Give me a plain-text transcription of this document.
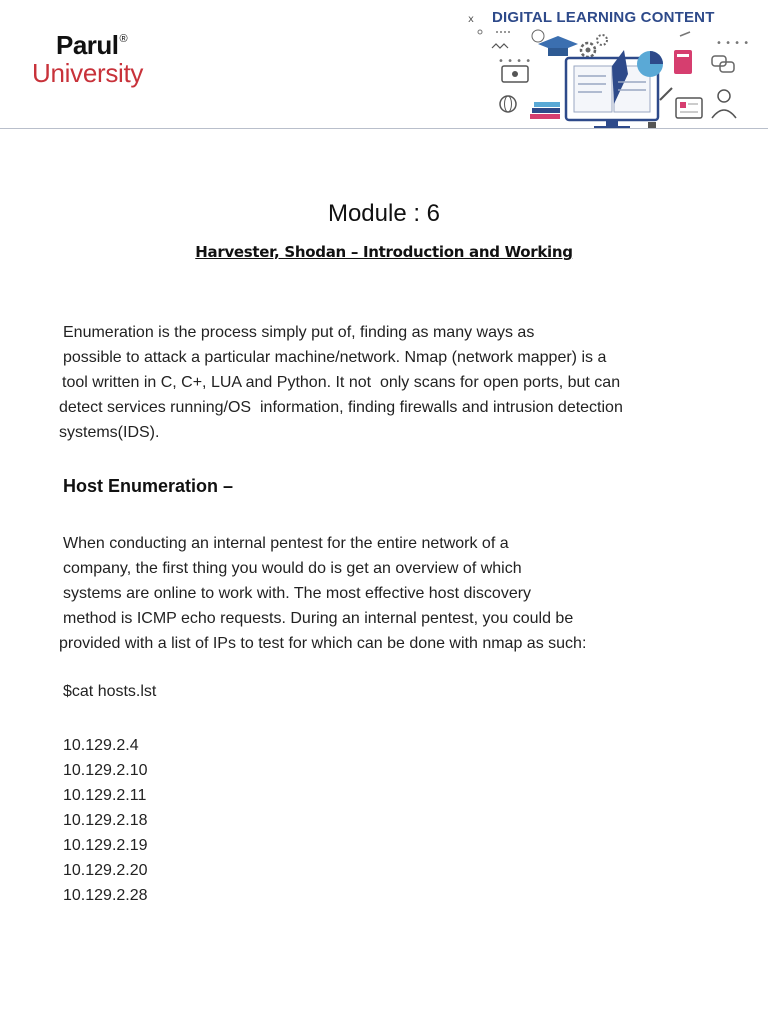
Parul®
University
DIGITAL LEARNING CONTENT
x
• • • •
• • • •
Module : 6
Harvester, Shodan – Introduction and Working
Enumeration is the process simply put of, finding as many ways as
possible to attack a particular machine/network. Nmap (network mapper) is a
tool written in C, C+, LUA and Python. It not  only scans for open ports, but can
detect services running/OS  information, finding firewalls and intrusion detection
systems(IDS).
Host Enumeration –
When conducting an internal pentest for the entire network of a
company, the first thing you would do is get an overview of which
systems are online to work with. The most effective host discovery
method is ICMP echo requests. During an internal pentest, you could be
provided with a list of IPs to test for which can be done with nmap as such:
$cat hosts.lst
10.129.2.4
10.129.2.10
10.129.2.11
10.129.2.18
10.129.2.19
10.129.2.20
10.129.2.28
